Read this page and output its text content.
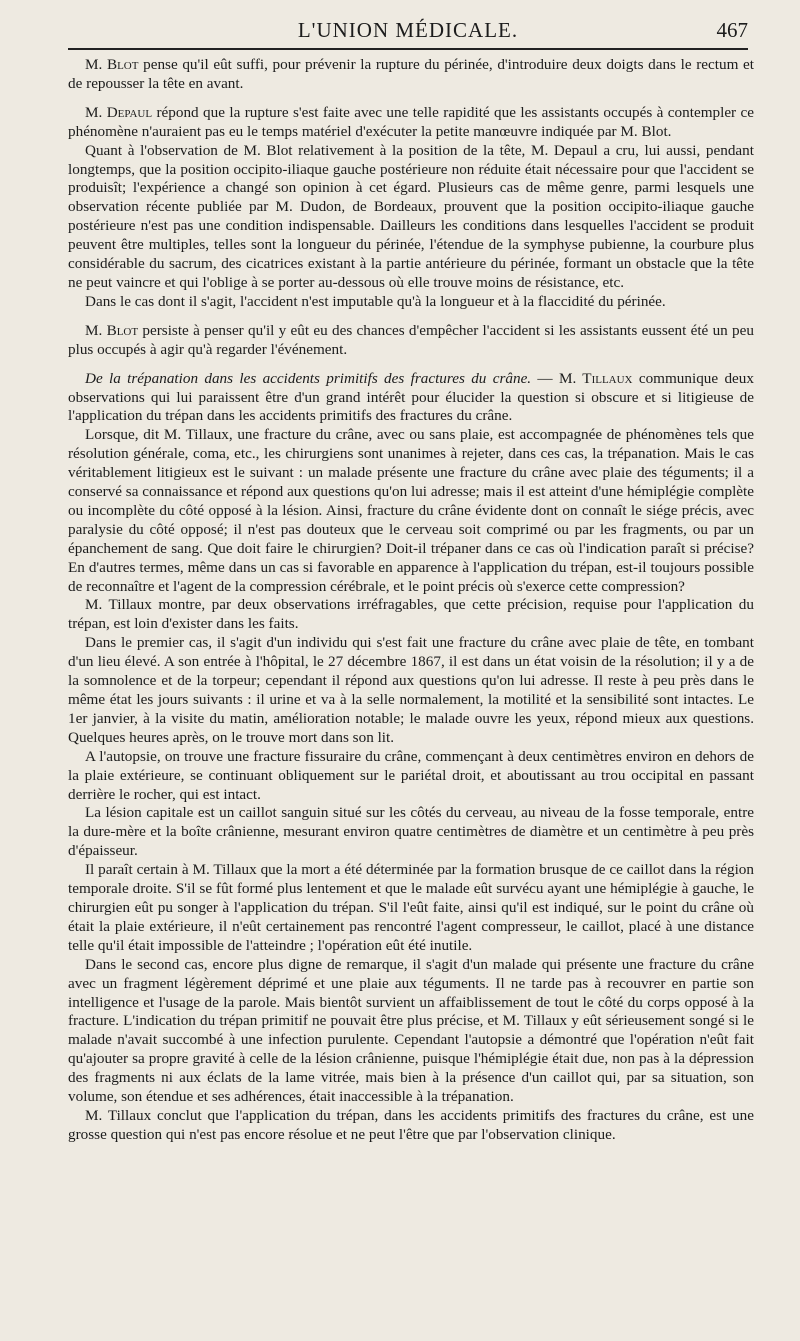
L'UNION MÉDICALE.	467

M. Blot pense qu'il eût suffi, pour prévenir la rupture du périnée, d'introduire deux doigts dans le rectum et de repousser la tête en avant.

M. Depaul répond que la rupture s'est faite avec une telle rapidité que les assistants occupés à contempler ce phénomène n'auraient pas eu le temps matériel d'exécuter la petite manœuvre indiquée par M. Blot.

Quant à l'observation de M. Blot relativement à la position de la tête, M. Depaul a cru, lui aussi, pendant longtemps, que la position occipito-iliaque gauche postérieure non réduite était nécessaire pour que l'accident se produisît; l'expérience a changé son opinion à cet égard. Plusieurs cas de même genre, parmi lesquels une observation récente publiée par M. Dudon, de Bordeaux, prouvent que la position occipito-iliaque gauche postérieure n'est pas une condition indispensable. Dailleurs les conditions dans lesquelles l'accident se produit peuvent être multiples, telles sont la longueur du périnée, l'étendue de la symphyse pubienne, la courbure plus considérable du sacrum, des cicatrices existant à la partie antérieure du périnée, formant un obstacle que la tête ne peut vaincre et qui l'oblige à se porter au-dessous où elle trouve moins de résistance, etc.

Dans le cas dont il s'agit, l'accident n'est imputable qu'à la longueur et à la flaccidité du périnée.

M. Blot persiste à penser qu'il y eût eu des chances d'empêcher l'accident si les assistants eussent été un peu plus occupés à agir qu'à regarder l'événement.

De la trépanation dans les accidents primitifs des fractures du crâne. — M. Tillaux communique deux observations qui lui paraissent être d'un grand intérêt pour élucider la question si obscure et si litigieuse de l'application du trépan dans les accidents primitifs des fractures du crâne.

Lorsque, dit M. Tillaux, une fracture du crâne, avec ou sans plaie, est accompagnée de phénomènes tels que résolution générale, coma, etc., les chirurgiens sont unanimes à rejeter, dans ces cas, la trépanation. Mais le cas véritablement litigieux est le suivant : un malade présente une fracture du crâne avec plaie des téguments; il a conservé sa connaissance et répond aux questions qu'on lui adresse; mais il est atteint d'une hémiplégie complète ou incomplète du côté opposé à la lésion. Ainsi, fracture du crâne évidente dont on connaît le siége précis, avec paralysie du côté opposé; il n'est pas douteux que le cerveau soit comprimé ou par les fragments, ou par un épanchement de sang. Que doit faire le chirurgien? Doit-il trépaner dans ce cas où l'indication paraît si précise? En d'autres termes, même dans un cas si favorable en apparence à l'application du trépan, est-il toujours possible de reconnaître et l'agent de la compression cérébrale, et le point précis où s'exerce cette compression?

M. Tillaux montre, par deux observations irréfragables, que cette précision, requise pour l'application du trépan, est loin d'exister dans les faits.

Dans le premier cas, il s'agit d'un individu qui s'est fait une fracture du crâne avec plaie de tête, en tombant d'un lieu élevé. A son entrée à l'hôpital, le 27 décembre 1867, il est dans un état voisin de la résolution; il y a de la somnolence et de la torpeur; cependant il répond aux questions qu'on lui adresse. Il reste à peu près dans le même état les jours suivants : il urine et va à la selle normalement, la motilité et la sensibilité sont intactes. Le 1er janvier, à la visite du matin, amélioration notable; le malade ouvre les yeux, répond mieux aux questions. Quelques heures après, on le trouve mort dans son lit.

A l'autopsie, on trouve une fracture fissuraire du crâne, commençant à deux centimètres environ en dehors de la plaie extérieure, se continuant obliquement sur le pariétal droit, et aboutissant au trou occipital en passant derrière le rocher, qui est intact.

La lésion capitale est un caillot sanguin situé sur les côtés du cerveau, au niveau de la fosse temporale, entre la dure-mère et la boîte crânienne, mesurant environ quatre centimètres de diamètre et un centimètre à peu près d'épaisseur.

Il paraît certain à M. Tillaux que la mort a été déterminée par la formation brusque de ce caillot dans la région temporale droite. S'il se fût formé plus lentement et que le malade eût survécu ayant une hémiplégie à gauche, le chirurgien eût pu songer à l'application du trépan. S'il l'eût faite, ainsi qu'il est indiqué, sur le point du crâne où était la plaie extérieure, il n'eût certainement pas rencontré l'agent compresseur, le caillot, placé à une distance telle qu'il était impossible de l'atteindre ; l'opération eût été inutile.

Dans le second cas, encore plus digne de remarque, il s'agit d'un malade qui présente une fracture du crâne avec un fragment légèrement déprimé et une plaie aux téguments. Il ne tarde pas à recouvrer en partie son intelligence et l'usage de la parole. Mais bientôt survient un affaiblissement de tout le côté du corps opposé à la fracture. L'indication du trépan primitif ne pouvait être plus précise, et M. Tillaux y eût sérieusement songé si le malade n'avait succombé à une infection purulente. Cependant l'autopsie a démontré que l'opération n'eût fait qu'ajouter sa propre gravité à celle de la lésion crânienne, puisque l'hémiplégie était due, non pas à la dépression des fragments ni aux éclats de la lame vitrée, mais bien à la présence d'un caillot qui, par sa situation, son volume, son étendue et ses adhérences, était inaccessible à la trépanation.

M. Tillaux conclut que l'application du trépan, dans les accidents primitifs des fractures du crâne, est une grosse question qui n'est pas encore résolue et ne peut l'être que par l'observation clinique.
